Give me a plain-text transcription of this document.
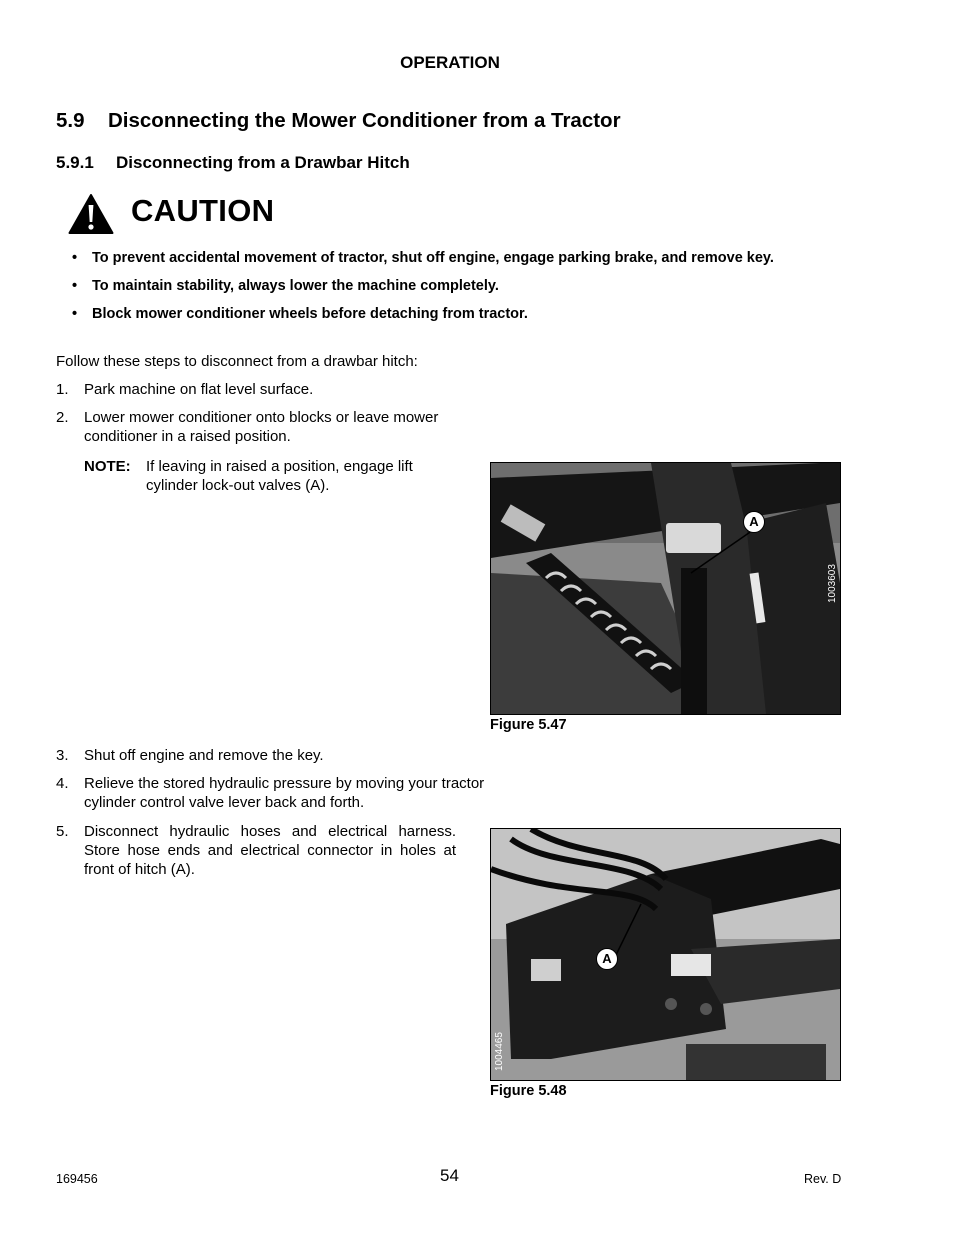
OPERATION
5.9 Disconnecting the Mower Conditioner from a Tractor
5.9.1 Disconnecting from a Drawbar Hitch
CAUTION
• To prevent accidental movement of tractor, shut off engine, engage parking brake, and remove key.
• To maintain stability, always lower the machine completely.
• Block mower conditioner wheels before detaching from tractor.
Follow these steps to disconnect from a drawbar hitch:
1. Park machine on flat level surface.
2. Lower mower conditioner onto blocks or leave mower conditioner in a raised position.
NOTE: If leaving in raised a position, engage lift cylinder lock-out valves (A).
3. Shut off engine and remove the key.
4. Relieve the stored hydraulic pressure by moving your tractor cylinder control valve lever back and forth.
5. Disconnect hydraulic hoses and electrical harness. Store hose ends and electrical connector in holes at front of hitch (A).
A
1003603
Figure 5.47
A
1004465
Figure 5.48
169456	54	Rev. D
